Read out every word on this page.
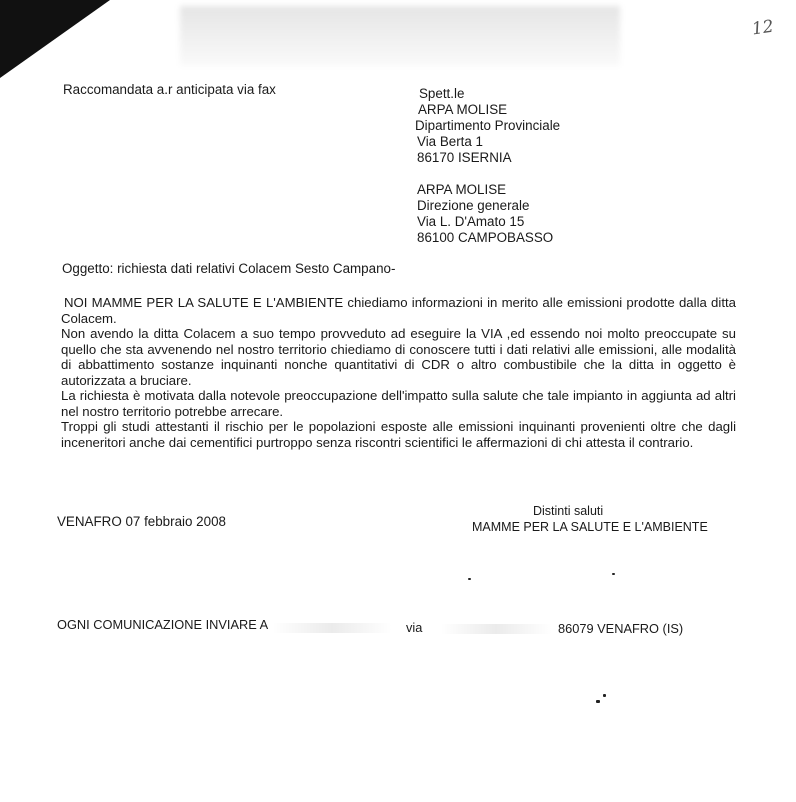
12
Raccomandata a.r anticipata via fax	Spett.le
ARPA MOLISE
Dipartimento Provinciale
Via Berta 1
86170 ISERNIA
ARPA MOLISE
Direzione generale
Via L. D'Amato 15
86100 CAMPOBASSO
Oggetto: richiesta dati relativi Colacem Sesto Campano-

NOI MAMME PER LA SALUTE E L'AMBIENTE chiediamo informazioni in merito alle emissioni prodotte dalla ditta Colacem.

Non avendo la ditta Colacem a suo tempo provveduto ad eseguire la VIA ,ed essendo noi molto preoccupate su quello che sta avvenendo nel nostro territorio chiediamo di conoscere tutti i dati relativi alle emissioni, alle modalità di abbattimento sostanze inquinanti nonche quantitativi di CDR o altro combustibile che la ditta in oggetto è autorizzata a bruciare.

La richiesta è motivata dalla notevole preoccupazione dell'impatto sulla salute che tale impianto in aggiunta ad altri nel nostro territorio potrebbe arrecare.

Troppi gli studi attestanti il rischio per le popolazioni esposte alle emissioni inquinanti provenienti oltre che dagli inceneritori anche dai cementifici purtroppo senza riscontri scientifici le affermazioni di chi attesta il contrario.

VENAFRO 07 febbraio 2008
Distinti saluti
MAMME PER LA SALUTE E L'AMBIENTE
OGNI COMUNICAZIONE INVIARE A	via	86079 VENAFRO (IS)
